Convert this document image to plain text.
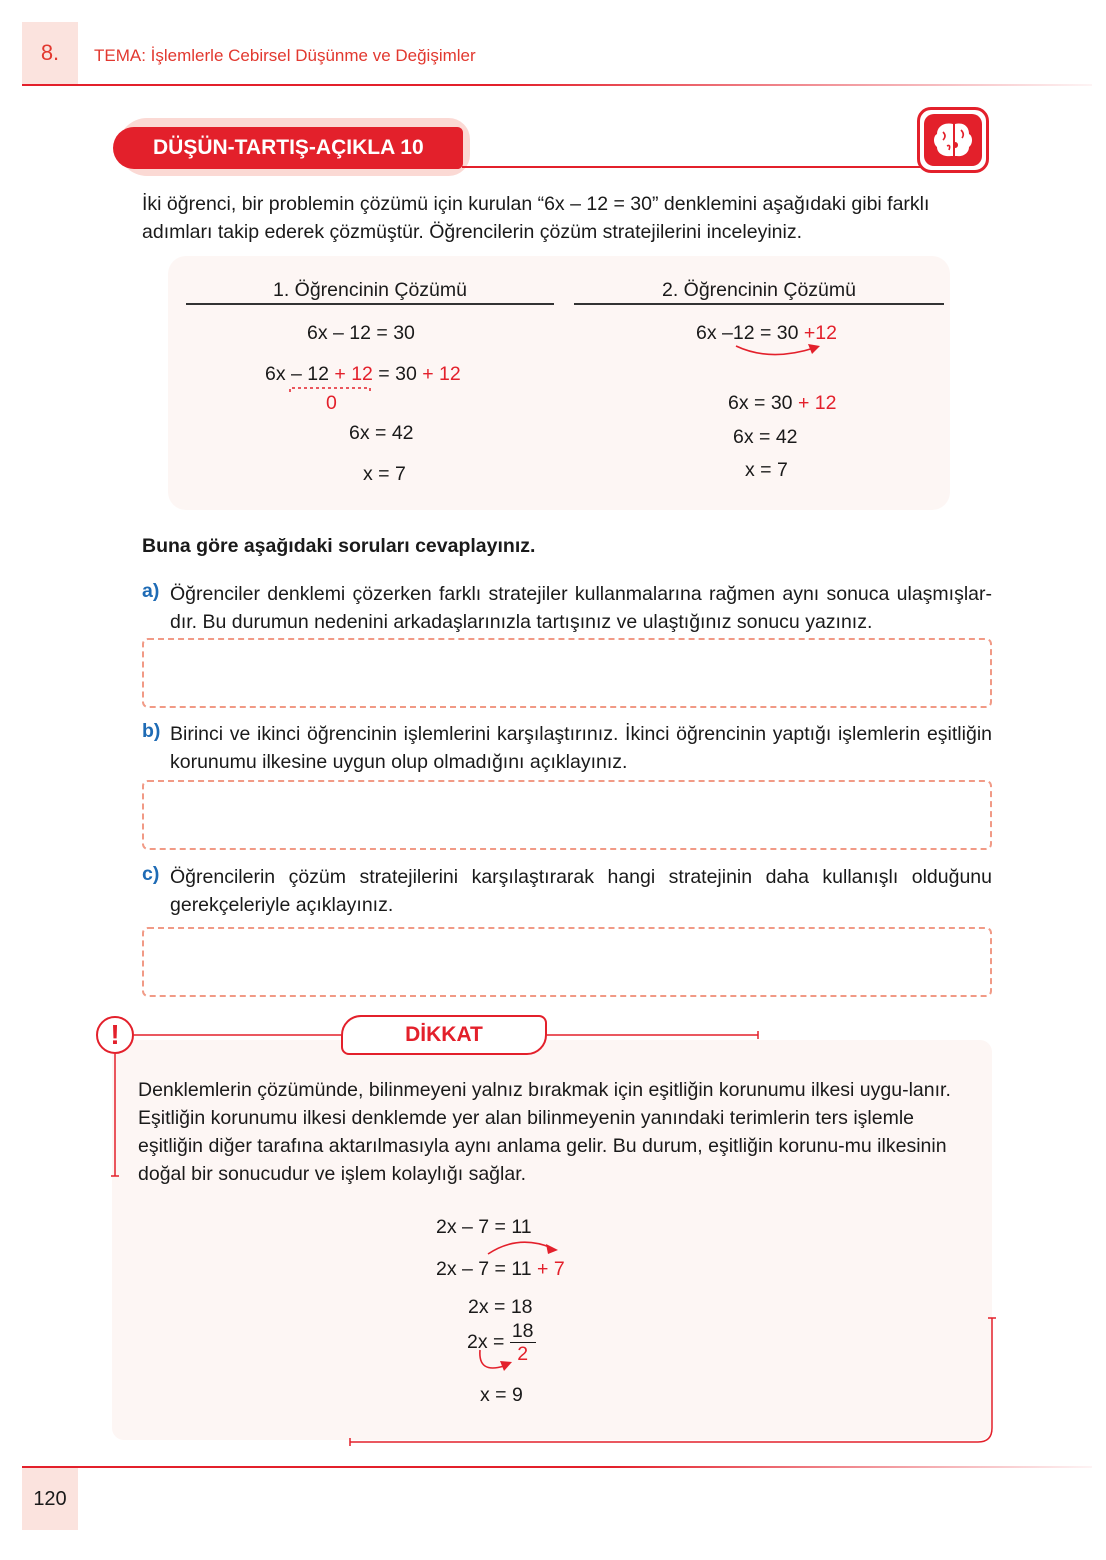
8.	TEMA: İşlemlerle Cebirsel Düşünme ve Değişimler
DÜŞÜN-TARTIŞ-AÇIKLA 10
İki öğrenci, bir problemin çözümü için kurulan “6x – 12 = 30” denklemini aşağıdaki gibi farklı adımları takip ederek çözmüştür. Öğrencilerin çözüm stratejilerini inceleyiniz.
1. Öğrencinin Çözümü	2. Öğrencinin Çözümü
6x – 12 = 30
6x – 12 + 12 = 30 + 12
0
6x = 42
x = 7
6x –12 = 30 +12
6x = 30 + 12
6x = 42
x = 7
Buna göre aşağıdaki soruları cevaplayınız.
a) Öğrenciler denklemi çözerken farklı stratejiler kullanmalarına rağmen aynı sonuca ulaşmışlar-dır. Bu durumun nedenini arkadaşlarınızla tartışınız ve ulaştığınız sonucu yazınız.
b) Birinci ve ikinci öğrencinin işlemlerini karşılaştırınız. İkinci öğrencinin yaptığı işlemlerin eşitliğin korunumu ilkesine uygun olup olmadığını açıklayınız.
c) Öğrencilerin çözüm stratejilerini karşılaştırarak hangi stratejinin daha kullanışlı olduğunu gerekçeleriyle açıklayınız.
!	DİKKAT
Denklemlerin çözümünde, bilinmeyeni yalnız bırakmak için eşitliğin korunumu ilkesi uygu-lanır. Eşitliğin korunumu ilkesi denklemde yer alan bilinmeyenin yanındaki terimlerin ters işlemle eşitliğin diğer tarafına aktarılmasıyla aynı anlama gelir. Bu durum, eşitliğin korunu-mu ilkesinin doğal bir sonucudur ve işlem kolaylığı sağlar.
2x – 7 = 11
2x – 7 = 11 + 7
2x = 18
$2x = \frac{18}{2}$
x = 9
120
